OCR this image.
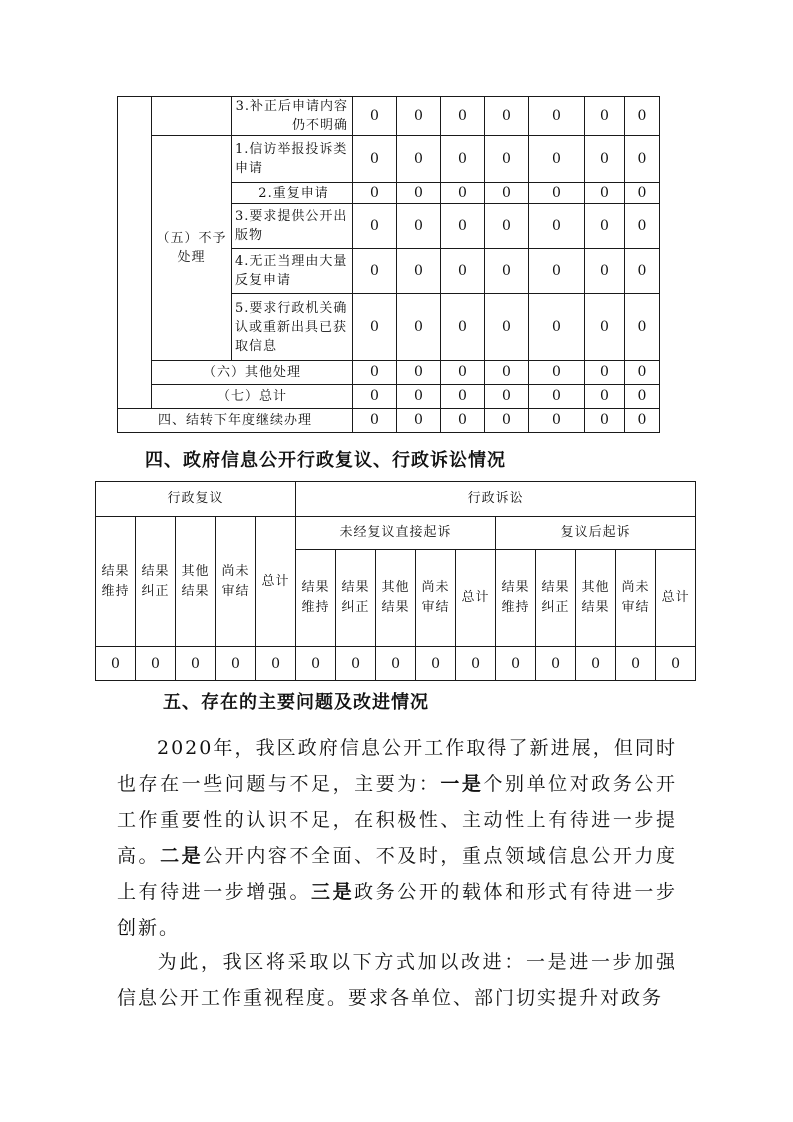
		3.补正后申请内容仍不明确	0	0	0	0	0	0	0
	（五）不予处理	1.信访举报投诉类申请	0	0	0	0	0	0	0
		2.重复申请	0	0	0	0	0	0	0
		3.要求提供公开出版物	0	0	0	0	0	0	0
		4.无正当理由大量反复申请	0	0	0	0	0	0	0
		5.要求行政机关确认或重新出具已获取信息	0	0	0	0	0	0	0
	（六）其他处理		0	0	0	0	0	0	0
	（七）总计		0	0	0	0	0	0	0
四、结转下年度继续办理			0	0	0	0	0	0	0
四、政府信息公开行政复议、行政诉讼情况
行政复议					行政诉讼									
结果维持	结果纠正	其他结果	尚未审结	总计	未经复议直接起诉					复议后起诉				
					结果维持	结果纠正	其他结果	尚未审结	总计	结果维持	结果纠正	其他结果	尚未审结	总计
0	0	0	0	0	0	0	0	0	0	0	0	0	0	0
五、存在的主要问题及改进情况

2020年，我区政府信息公开工作取得了新进展，但同时也存在一些问题与不足，主要为：一是个别单位对政务公开工作重要性的认识不足，在积极性、主动性上有待进一步提高。二是公开内容不全面、不及时，重点领域信息公开力度上有待进一步增强。三是政务公开的载体和形式有待进一步创新。

为此，我区将采取以下方式加以改进：一是进一步加强信息公开工作重视程度。要求各单位、部门切实提升对政务
